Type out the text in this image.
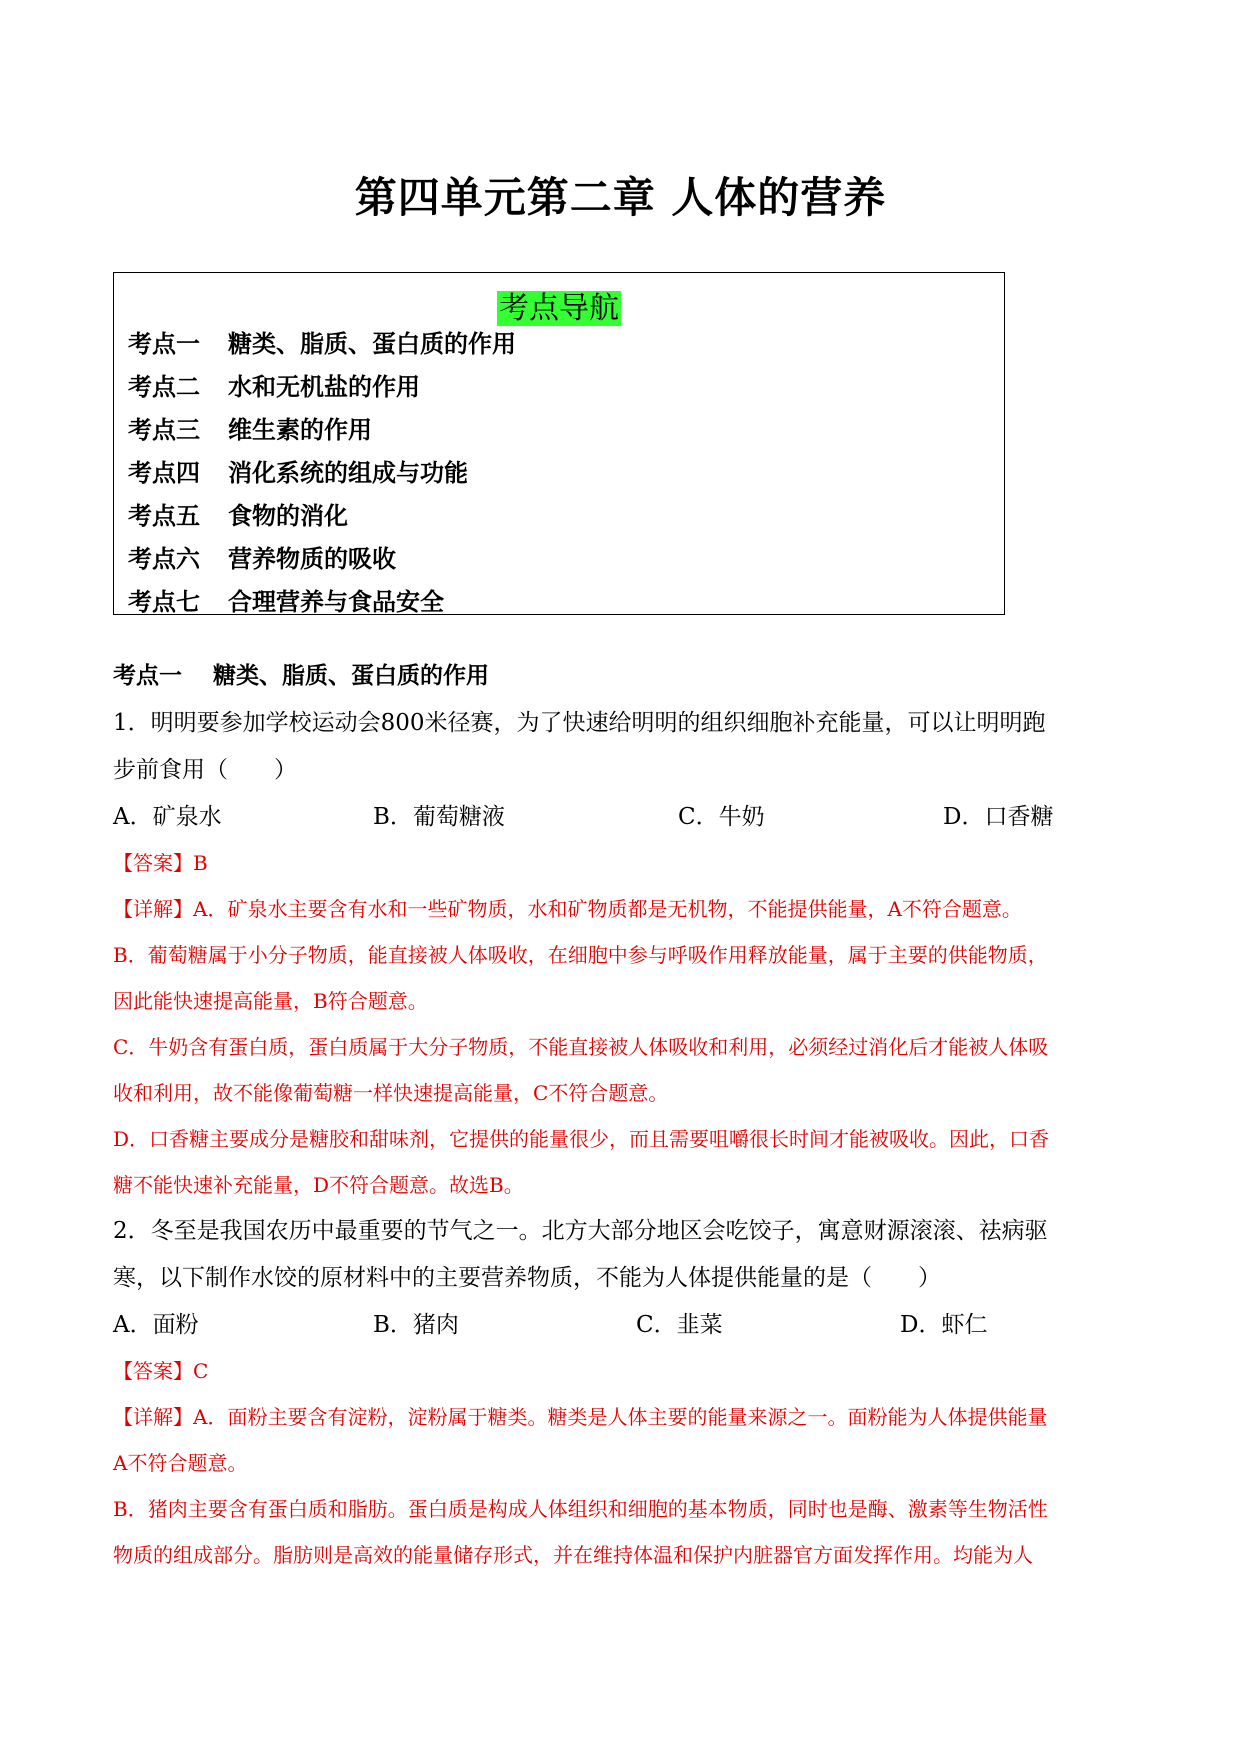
第四单元第二章 人体的营养
考点导航
考点一 糖类、脂质、蛋白质的作用
考点二 水和无机盐的作用
考点三 维生素的作用
考点四 消化系统的组成与功能
考点五 食物的消化
考点六 营养物质的吸收
考点七 合理营养与食品安全
考点一 糖类、脂质、蛋白质的作用
1．明明要参加学校运动会800米径赛，为了快速给明明的组织细胞补充能量，可以让明明跑
步前食用（　　）
A．矿泉水	B．葡萄糖液	C．牛奶	D．口香糖
【答案】B
【详解】A．矿泉水主要含有水和一些矿物质，水和矿物质都是无机物，不能提供能量，A不符合题意。
B．葡萄糖属于小分子物质，能直接被人体吸收，在细胞中参与呼吸作用释放能量，属于主要的供能物质，
因此能快速提高能量，B符合题意。
C．牛奶含有蛋白质，蛋白质属于大分子物质，不能直接被人体吸收和利用，必须经过消化后才能被人体吸
收和利用，故不能像葡萄糖一样快速提高能量，C不符合题意。
D．口香糖主要成分是糖胶和甜味剂，它提供的能量很少，而且需要咀嚼很长时间才能被吸收。因此，口香
糖不能快速补充能量，D不符合题意。故选B。
2．冬至是我国农历中最重要的节气之一。北方大部分地区会吃饺子，寓意财源滚滚、祛病驱
寒，以下制作水饺的原材料中的主要营养物质，不能为人体提供能量的是（　　）
A．面粉	B．猪肉	C．韭菜	D．虾仁
【答案】C
【详解】A．面粉主要含有淀粉，淀粉属于糖类。糖类是人体主要的能量来源之一。面粉能为人体提供能量
A不符合题意。
B．猪肉主要含有蛋白质和脂肪。蛋白质是构成人体组织和细胞的基本物质，同时也是酶、激素等生物活性
物质的组成部分。脂肪则是高效的能量储存形式，并在维持体温和保护内脏器官方面发挥作用。均能为人
